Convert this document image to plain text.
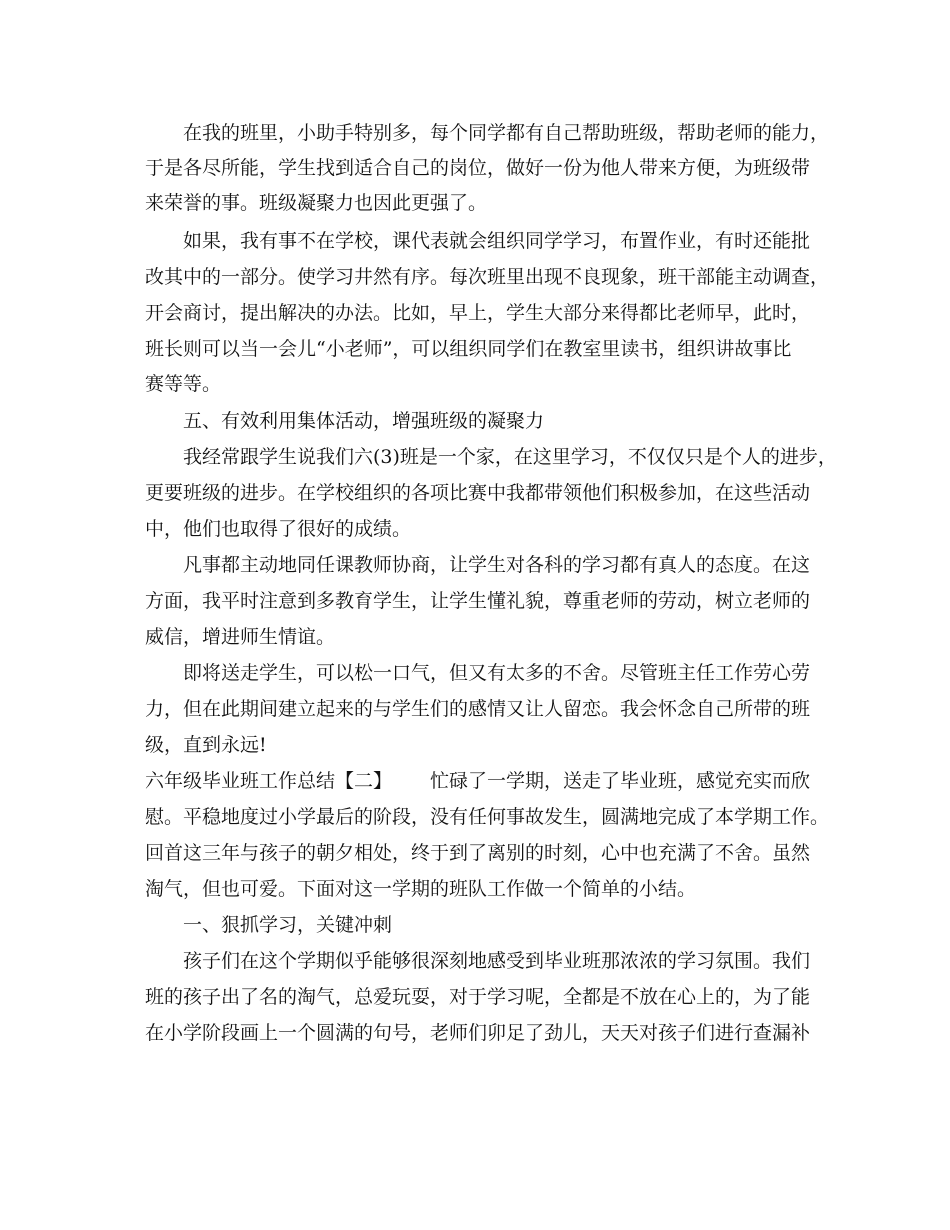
在我的班里，小助手特别多，每个同学都有自己帮助班级，帮助老师的能力，
于是各尽所能，学生找到适合自己的岗位，做好一份为他人带来方便，为班级带
来荣誉的事。班级凝聚力也因此更强了。
如果，我有事不在学校，课代表就会组织同学学习，布置作业，有时还能批
改其中的一部分。使学习井然有序。每次班里出现不良现象，班干部能主动调查，
开会商讨，提出解决的办法。比如，早上，学生大部分来得都比老师早，此时，
班长则可以当一会儿“小老师”，可以组织同学们在教室里读书，组织讲故事比
赛等等。
五、有效利用集体活动，增强班级的凝聚力
我经常跟学生说我们六(3)班是一个家，在这里学习，不仅仅只是个人的进步，
更要班级的进步。在学校组织的各项比赛中我都带领他们积极参加，在这些活动
中，他们也取得了很好的成绩。
凡事都主动地同任课教师协商，让学生对各科的学习都有真人的态度。在这
方面，我平时注意到多教育学生，让学生懂礼貌，尊重老师的劳动，树立老师的
威信，增进师生情谊。
即将送走学生，可以松一口气，但又有太多的不舍。尽管班主任工作劳心劳
力，但在此期间建立起来的与学生们的感情又让人留恋。我会怀念自己所带的班
级，直到永远!
六年级毕业班工作总结【二】 忙碌了一学期，送走了毕业班，感觉充实而欣
慰。平稳地度过小学最后的阶段，没有任何事故发生，圆满地完成了本学期工作。
回首这三年与孩子的朝夕相处，终于到了离别的时刻，心中也充满了不舍。虽然
淘气，但也可爱。下面对这一学期的班队工作做一个简单的小结。
一、狠抓学习，关键冲刺
孩子们在这个学期似乎能够很深刻地感受到毕业班那浓浓的学习氛围。我们
班的孩子出了名的淘气，总爱玩耍，对于学习呢，全都是不放在心上的，为了能
在小学阶段画上一个圆满的句号，老师们卯足了劲儿，天天对孩子们进行查漏补
